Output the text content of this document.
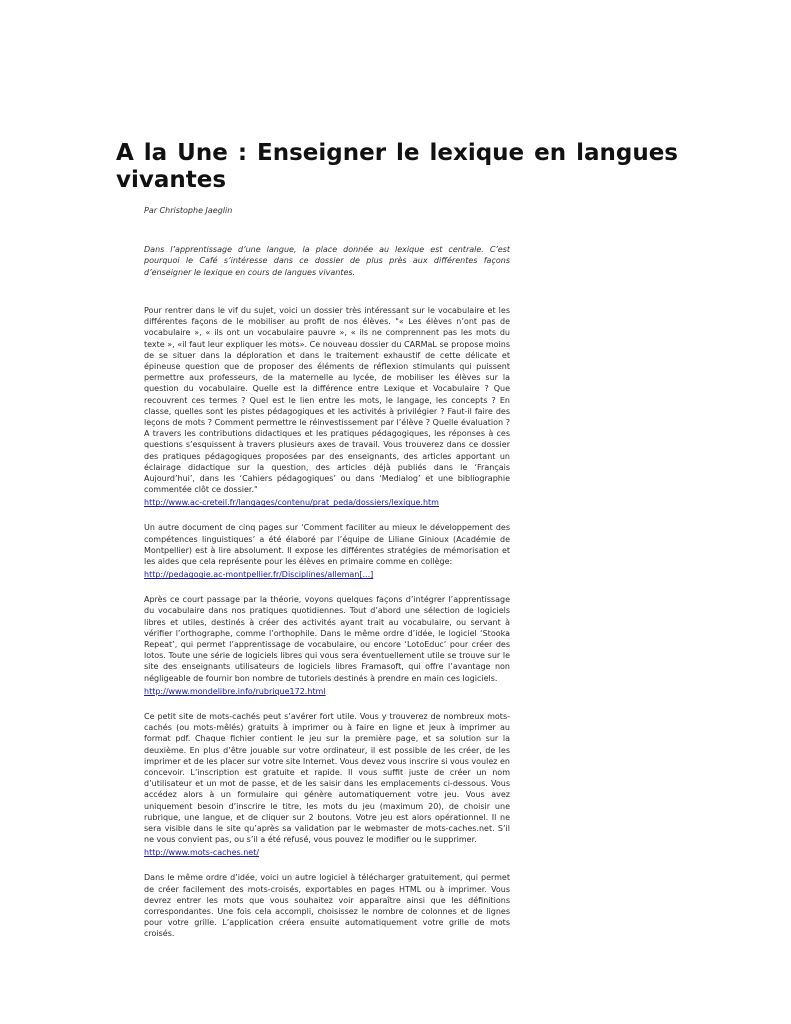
A la Une : Enseigner le lexique en langues vivantes
Par Christophe Jaeglin

Dans l’apprentissage d’une langue, la place donnée au lexique est centrale. C’est pourquoi le Café s’intéresse dans ce dossier de plus près aux différentes façons d’enseigner le lexique en cours de langues vivantes.

Pour rentrer dans le vif du sujet, voici un dossier très intéressant sur le vocabulaire et les différentes façons de le mobiliser au profit de nos élèves. "« Les élèves n’ont pas de vocabulaire », « ils ont un vocabulaire pauvre », « ils ne comprennent pas les mots du texte », «il faut leur expliquer les mots». Ce nouveau dossier du CARMaL se propose moins de se situer dans la déploration et dans le traitement exhaustif de cette délicate et épineuse question que de proposer des éléments de réflexion stimulants qui puissent permettre aux professeurs, de la maternelle au lycée, de mobiliser les élèves sur la question du vocabulaire. Quelle est la différence entre Lexique et Vocabulaire ? Que recouvrent ces termes ? Quel est le lien entre les mots, le langage, les concepts ? En classe, quelles sont les pistes pédagogiques et les activités à privilégier ? Faut-il faire des leçons de mots ? Comment permettre le réinvestissement par l’élève ? Quelle évaluation ? A travers les contributions didactiques et les pratiques pédagogiques, les réponses à ces questions s’esquissent à travers plusieurs axes de travail. Vous trouverez dans ce dossier des pratiques pédagogiques proposées par des enseignants, des articles apportant un éclairage didactique sur la question, des articles déjà publiés dans le ‘Français Aujourd’hui’, dans les ‘Cahiers pédagogiques’ ou dans ‘Medialog’ et une bibliographie commentée clôt ce dossier."

http://www.ac-creteil.fr/langages/contenu/prat_peda/dossiers/lexique.htm

Un autre document de cinq pages sur ‘Comment faciliter au mieux le développement des compétences linguistiques’ a été élaboré par l’équipe de Liliane Ginioux (Académie de Montpellier) est à lire absolument. Il expose les différentes stratégies de mémorisation et les aides que cela représente pour les élèves en primaire comme en collège:

http://pedagogie.ac-montpellier.fr/Disciplines/alleman[...]

Après ce court passage par la théorie, voyons quelques façons d’intégrer l’apprentissage du vocabulaire dans nos pratiques quotidiennes. Tout d’abord une sélection de logiciels libres et utiles, destinés à créer des activités ayant trait au vocabulaire, ou servant à vérifier l’orthographe, comme l’orthophile. Dans le même ordre d’idée, le logiciel ‘Stooka Repeat’, qui permet l’apprentissage de vocabulaire, ou encore ‘LotoEduc’ pour créer des lotos. Toute une série de logiciels libres qui vous sera éventuellement utile se trouve sur le site des enseignants utilisateurs de logiciels libres Framasoft, qui offre l’avantage non négligeable de fournir bon nombre de tutoriels destinés à prendre en main ces logiciels.

http://www.mondelibre.info/rubrique172.html

Ce petit site de mots-cachés peut s’avérer fort utile. Vous y trouverez de nombreux mots-cachés (ou mots-mêlés) gratuits à imprimer ou à faire en ligne et jeux à imprimer au format pdf. Chaque fichier contient le jeu sur la première page, et sa solution sur la deuxième. En plus d’être jouable sur votre ordinateur, il est possible de les créer, de les imprimer et de les placer sur votre site Internet. Vous devez vous inscrire si vous voulez en concevoir. L’inscription est gratuite et rapide. Il vous suffit juste de créer un nom d’utilisateur et un mot de passe, et de les saisir dans les emplacements ci-dessous. Vous accédez alors à un formulaire qui génère automatiquement votre jeu. Vous avez uniquement besoin d’inscrire le titre, les mots du jeu (maximum 20), de choisir une rubrique, une langue, et de cliquer sur 2 boutons. Votre jeu est alors opérationnel. Il ne sera visible dans le site qu’après sa validation par le webmaster de mots-caches.net. S’il ne vous convient pas, ou s’il a été refusé, vous pouvez le modifier ou le supprimer.

http://www.mots-caches.net/

Dans le même ordre d’idée, voici un autre logiciel à télécharger gratuitement, qui permet de créer facilement des mots-croisés, exportables en pages HTML ou à imprimer. Vous devrez entrer les mots que vous souhaitez voir apparaître ainsi que les définitions correspondantes. Une fois cela accompli, choisissez le nombre de colonnes et de lignes pour votre grille. L’application créera ensuite automatiquement votre grille de mots croisés.
